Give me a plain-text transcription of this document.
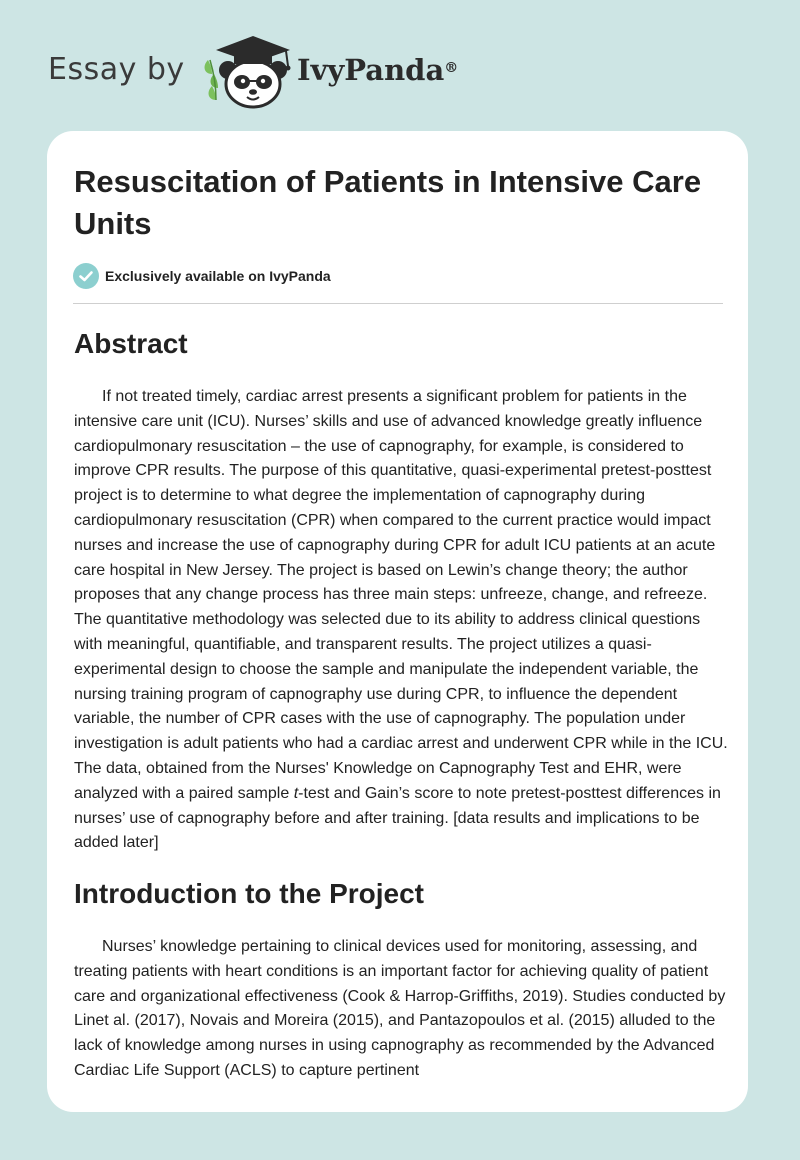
Essay by	IvyPanda®
Resuscitation of Patients in Intensive Care Units
Exclusively available on IvyPanda
Abstract

If not treated timely, cardiac arrest presents a significant problem for patients in the intensive care unit (ICU). Nurses’ skills and use of advanced knowledge greatly influence cardiopulmonary resuscitation – the use of capnography, for example, is considered to improve CPR results. The purpose of this quantitative, quasi-experimental pretest-posttest project is to determine to what degree the implementation of capnography during cardiopulmonary resuscitation (CPR) when compared to the current practice would impact nurses and increase the use of capnography during CPR for adult ICU patients at an acute care hospital in New Jersey. The project is based on Lewin’s change theory; the author proposes that any change process has three main steps: unfreeze, change, and refreeze. The quantitative methodology was selected due to its ability to address clinical questions with meaningful, quantifiable, and transparent results. The project utilizes a quasi-experimental design to choose the sample and manipulate the independent variable, the nursing training program of capnography use during CPR, to influence the dependent variable, the number of CPR cases with the use of capnography. The population under investigation is adult patients who had a cardiac arrest and underwent CPR while in the ICU. The data, obtained from the Nurses' Knowledge on Capnography Test and EHR, were analyzed with a paired sample t-test and Gain’s score to note pretest-posttest differences in nurses’ use of capnography before and after training. [data results and implications to be added later]

Introduction to the Project

Nurses’ knowledge pertaining to clinical devices used for monitoring, assessing, and treating patients with heart conditions is an important factor for achieving quality of patient care and organizational effectiveness (Cook & Harrop-Griffiths, 2019). Studies conducted by Linet al. (2017), Novais and Moreira (2015), and Pantazopoulos et al. (2015) alluded to the lack of knowledge among nurses in using capnography as recommended by the Advanced Cardiac Life Support (ACLS) to capture pertinent
